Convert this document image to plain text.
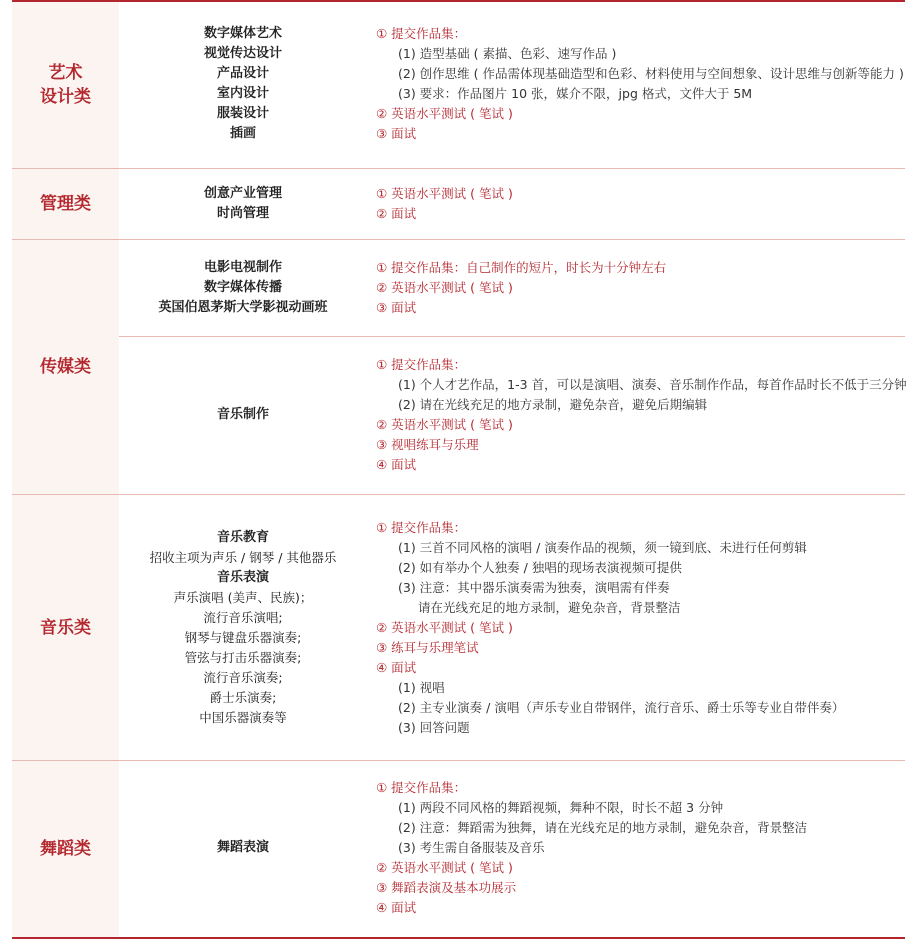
艺术
设计类
数字媒体艺术
视觉传达设计
产品设计
室内设计
服装设计
插画
① 提交作品集：
(1) 造型基础 ( 素描、色彩、速写作品 )
(2) 创作思维 ( 作品需体现基础造型和色彩、材料使用与空间想象、设计思维与创新等能力 )
(3) 要求：作品图片 10 张，媒介不限，jpg 格式，文件大于 5M
② 英语水平测试 ( 笔试 )
③ 面试
管理类
创意产业管理
时尚管理
① 英语水平测试 ( 笔试 )
② 面试
传媒类
电影电视制作
数字媒体传播
英国伯恩茅斯大学影视动画班
① 提交作品集：自己制作的短片，时长为十分钟左右
② 英语水平测试 ( 笔试 )
③ 面试
音乐制作
① 提交作品集：
(1) 个人才艺作品，1-3 首，可以是演唱、演奏、音乐制作作品，每首作品时长不低于三分钟
(2) 请在光线充足的地方录制，避免杂音，避免后期编辑
② 英语水平测试 ( 笔试 )
③ 视唱练耳与乐理
④ 面试
音乐类
音乐教育
招收主项为声乐 / 钢琴 / 其他器乐
音乐表演
声乐演唱 (美声、民族)；
流行音乐演唱;
钢琴与键盘乐器演奏;
管弦与打击乐器演奏;
流行音乐演奏;
爵士乐演奏;
中国乐器演奏等
① 提交作品集：
(1) 三首不同风格的演唱 / 演奏作品的视频，须一镜到底、未进行任何剪辑
(2) 如有举办个人独奏 / 独唱的现场表演视频可提供
(3) 注意：其中器乐演奏需为独奏，演唱需有伴奏
请在光线充足的地方录制，避免杂音，背景整洁
② 英语水平测试 ( 笔试 )
③ 练耳与乐理笔试
④ 面试
(1) 视唱
(2) 主专业演奏 / 演唱（声乐专业自带钢伴，流行音乐、爵士乐等专业自带伴奏）
(3) 回答问题
舞蹈类	舞蹈表演
① 提交作品集：
(1) 两段不同风格的舞蹈视频，舞种不限，时长不超 3 分钟
(2) 注意：舞蹈需为独舞，请在光线充足的地方录制，避免杂音，背景整洁
(3) 考生需自备服装及音乐
② 英语水平测试 ( 笔试 )
③ 舞蹈表演及基本功展示
④ 面试
